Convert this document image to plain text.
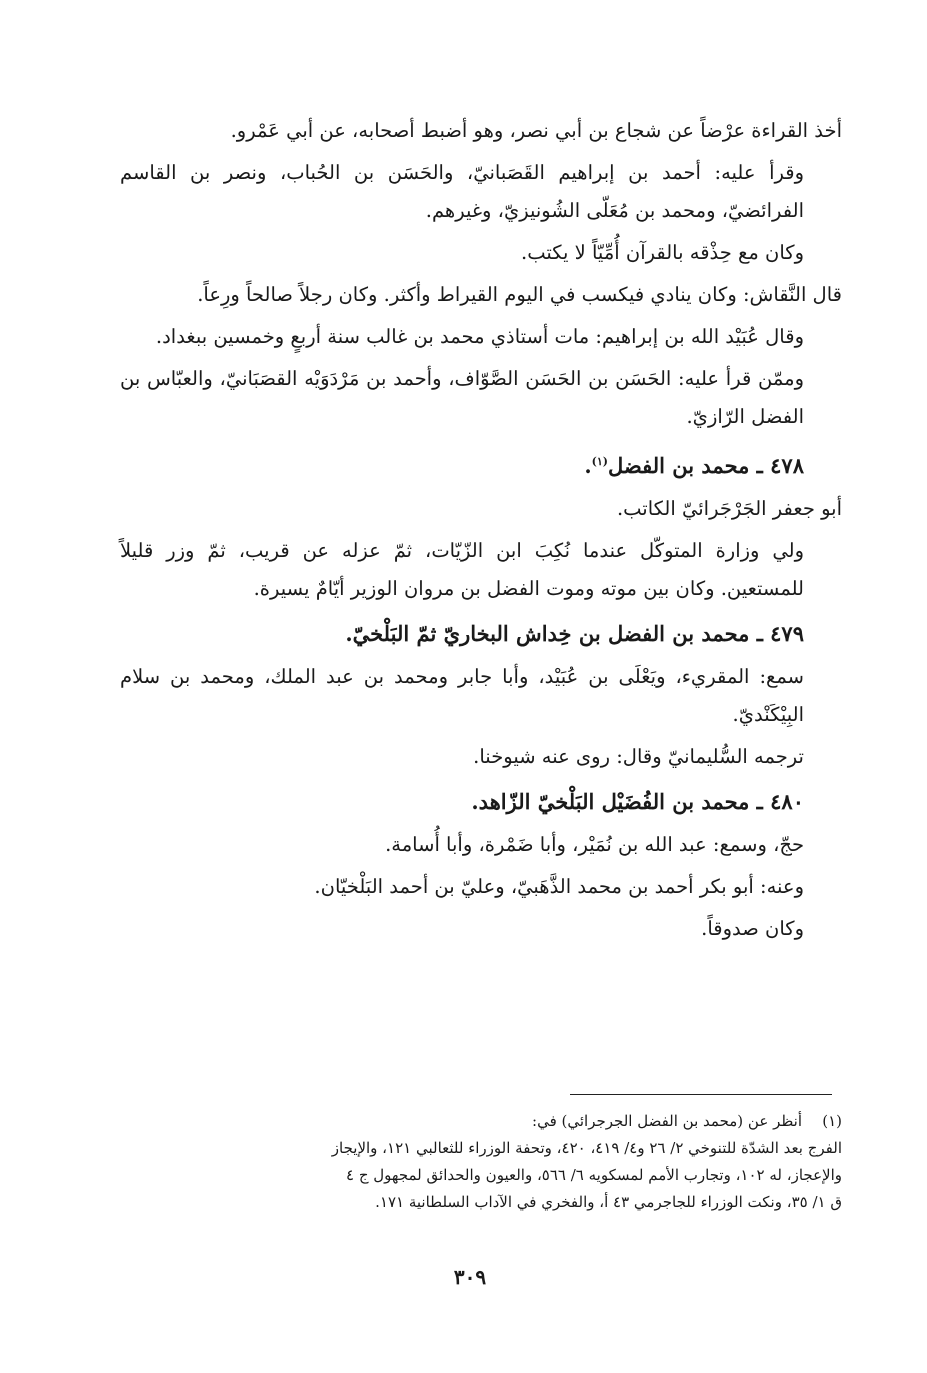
أخذ القراءة عرْضاً عن شجاع بن أبي نصر، وهو أضبط أصحابه، عن أبي عَمْرو.

وقرأ عليه: أحمد بن إبراهيم القَصَبانيّ، والحَسَن بن الحُباب، ونصر بن القاسم الفرائضيّ، ومحمد بن مُعَلّى الشُونيزيّ، وغيرهم.

وكان مع حِذْقه بالقرآن أُمِّيّاً لا يكتب.

قال النَّقاش: وكان ينادي فيكسب في اليوم القيراط وأكثر. وكان رجلاً صالحاً ورِعاً.

وقال عُبَيْد الله بن إبراهيم: مات أستاذي محمد بن غالب سنة أربعٍ وخمسين ببغداد.

وممّن قرأ عليه: الحَسَن بن الحَسَن الصَّوّاف، وأحمد بن مَرْدَوَيْه القصَبَانيّ، والعبّاس بن الفضل الرّازيّ.

٤٧٨ ـ محمد بن الفضل$^{(١)}$.

أبو جعفر الجَرْجَرائيّ الكاتب.

ولي وزارة المتوكّل عندما نُكِبَ ابن الزّيّات، ثمّ عزله عن قريب، ثمّ وزر قليلاً للمستعين. وكان بين موته وموت الفضل بن مروان الوزير أيّامٌ يسيرة.

٤٧٩ ـ محمد بن الفضل بن خِداش البخاريّ ثمّ البَلْخيّ.

سمع: المقريء، ويَعْلَى بن عُبَيْد، وأبا جابر ومحمد بن عبد الملك، ومحمد بن سلام البِيْكَنْديّ.

ترجمه السُّليمانيّ وقال: روى عنه شيوخنا.

٤٨٠ ـ محمد بن الفُضَيْل البَلْخيّ الزّاهد.

حجّ، وسمع: عبد الله بن نُمَيْر، وأبا ضَمْرة، وأبا أُسامة.

وعنه: أبو بكر أحمد بن محمد الذَّهَبيّ، وعليّ بن أحمد البَلْخيّان.

وكان صدوقاً.

(١)أنظر عن (محمد بن الفضل الجرجرائي) في:

الفرج بعد الشدّة للتنوخي ٢/ ٢٦ و٤/ ٤١٩، ٤٢٠، وتحفة الوزراء للثعالبي ١٢١، والإيجاز

والإعجاز، له ١٠٢، وتجارب الأمم لمسكويه ٦/ ٥٦٦، والعيون والحدائق لمجهول ج ٤

ق ١/ ٣٥، ونكت الوزراء للجاجرمي ٤٣ أ، والفخري في الآداب السلطانية ١٧١.

٣٠٩
